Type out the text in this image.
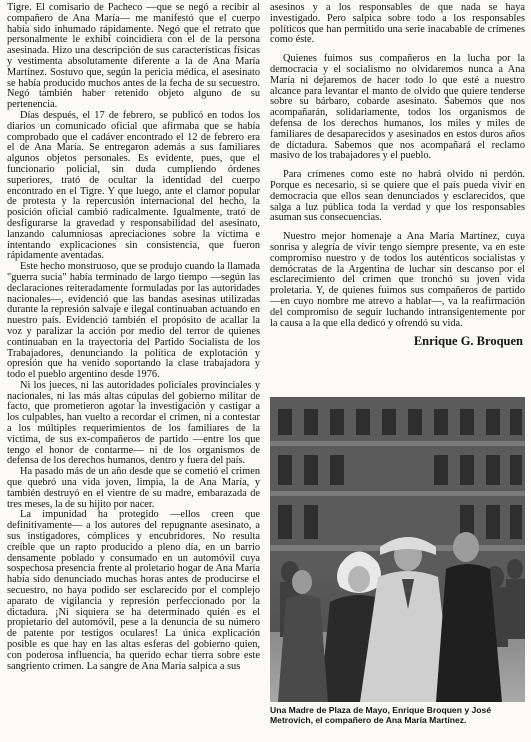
Tigre. El comisario de Pacheco —que se negó a recibir al compañero de Ana María— me manifestó que el cuerpo había sido inhumado rápidamente. Negó que el retrato que personalmente le exhibí coincidiera con el de la persona asesinada. Hizo una descripción de sus características físicas y vestimenta absolutamente diferente a la de Ana María Martínez. Sostuvo que, según la pericia médica, el asesinato se había producido muchos antes de la fecha de su secuestro. Negó también haber retenido objeto alguno de su pertenencia.

Días después, el 17 de febrero, se publicó en todos los diarios un comunicado oficial que afirmaba que se había comprobado que el cadáver encontrado el 12 de febrero era el de Ana María. Se entregaron además a sus familiares algunos objetos personales. Es evidente, pues, que el funcionario policial, sin duda cumpliendo órdenes superiores, trató de ocultar la identidad del cuerpo encontrado en el Tigre. Y que luego, ante el clamor popular de protesta y la repercusión internacional del hecho, la posición oficial cambió radicalmente. Igualmente, trató de desfigurarse la gravedad y responsabilidad del asesinato, lanzando calumniosas apreciaciones sobre la víctima e intentando explicaciones sin consistencia, que fueron rápidamente aventadas.

Este hecho monstruoso, que se produjo cuando la llamada "guerra sucia" había terminado de largo tiempo —según las declaraciones reiteradamente formuladas por las autoridades nacionales—, evidenció que las bandas asesinas utilizadas durante la represión salvaje e ilegal continuaban actuando en nuestro país. Evidenció también el propósito de acallar la voz y paralizar la acción por medio del terror de quienes continuaban en la trayectoria del Partido Socialista de los Trabajadores, denunciando la política de explotación y opresión que ha venido soportando la clase trabajadora y todo el pueblo argentino desde 1976.

Ni los jueces, ni las autoridades policiales provinciales y nacionales, ni las más altas cúpulas del gobierno militar de facto, que prometieron agotar la investigación y castigar a los culpables, han vuelto a recordar el crimen, ni a contestar a los múltiples requerimientos de los familiares de la víctima, de sus ex-compañeros de partido —entre los que tengo el honor de contarme— ni de los organismos de defensa de los derechos humanos, dentro y fuera del país.

Ha pasado más de un año desde que se cometió el crimen que quebró una vida joven, limpia, la de Ana María, y también destruyó en el vientre de su madre, embarazada de tres meses, la de su hijito por nacer.

La impunidad ha protegido —ellos creen que definitivamente— a los autores del repugnante asesinato, a sus instigadores, cómplices y encubridores. No resulta creíble que un rapto producido a pleno día, en un barrio densamente poblado y consumado en un automóvil cuya sospechosa presencia frente al proletario hogar de Ana María había sido denunciado muchas horas antes de producirse el secuestro, no haya podido ser esclarecido por el complejo aparato de vigilancia y represión perfeccionado por la dictadura. ¡Ni siquiera se ha determinado quién es el propietario del automóvil, pese a la denuncia de su número de patente por testigos oculares! La única explicación posible es que hay en las altas esferas del gobierno quien, con poderosa influencia, ha querido echar tierra sobre este sangriento crimen. La sangre de Ana María salpica a sus

asesinos y a los responsables de que nada se haya investigado. Pero salpica sobre todo a los responsables políticos que han permitido una serie inacabable de crímenes como éste.

Quienes fuimos sus compañeros en la lucha por la democracia y el socialismo no olvidaremos nunca a Ana María ni dejaremos de hacer todo lo que esté a nuestro alcance para levantar el manto de olvido que quiere tenderse sobre su bárbaro, cobarde asesinato. Sabemos que nos acompañarán, solidariamente, todos los organismos de defensa de los derechos humanos, los miles y miles de familiares de desaparecidos y asesinados en estos duros años de dictadura. Sabemos que nos acompañará el reclamo masivo de los trabajadores y el pueblo.

Para crímenes como este no habrá olvido ni perdón. Porque es necesario, si se quiere que el país pueda vivir en democracia que ellos sean denunciados y esclarecidos, que salga a luz pública toda la verdad y que los responsables asuman sus consecuencias.

Nuestro mejor homenaje a Ana María Martínez, cuya sonrisa y alegría de vivir tengo siempre presente, va en este compromiso nuestro y de todos los auténticos socialistas y demócratas de la Argentina de luchar sin descanso por el esclarecimiento del crimen que tronchó su joven vida proletaria. Y, de quienes fuimos sus compañeros de partido —en cuyo nombre me atrevo a hablar—, va la reafirmación del compromiso de seguir luchando intransigentemente por la causa a la que ella dedicó y ofrendó su vida.

Enrique G. Broquen
Una Madre de Plaza de Mayo, Enrique Broquen y José Metrovich, el compañero de Ana María Martínez.
